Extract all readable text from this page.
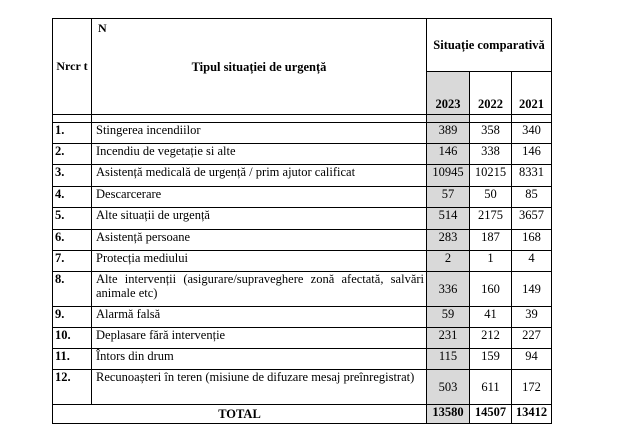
Nrcr t	N
Tipul situației de urgență	Situație comparativă		
		2023	2022	2021

1.	Stingerea incendiilor	389	358	340
2.	Incendiu de vegetație si alte	146	338	146
3.	Asistență medicală de urgență / prim ajutor calificat	10945	10215	8331
4.	Descarcerare	57	50	85
5.	Alte situații de urgență	514	2175	3657
6.	Asistență persoane	283	187	168
7.	Protecția mediului	2	1	4
8.	Alte intervenții (asigurare/supraveghere zonă afectată, salvări animale etc)	336	160	149
9.	Alarmă falsă	59	41	39
10.	Deplasare fără intervenție	231	212	227
11.	Întors din drum	115	159	94
12.	Recunoașteri în teren (misiune de difuzare mesaj preînregistrat)	503	611	172
TOTAL		13580	14507	13412
